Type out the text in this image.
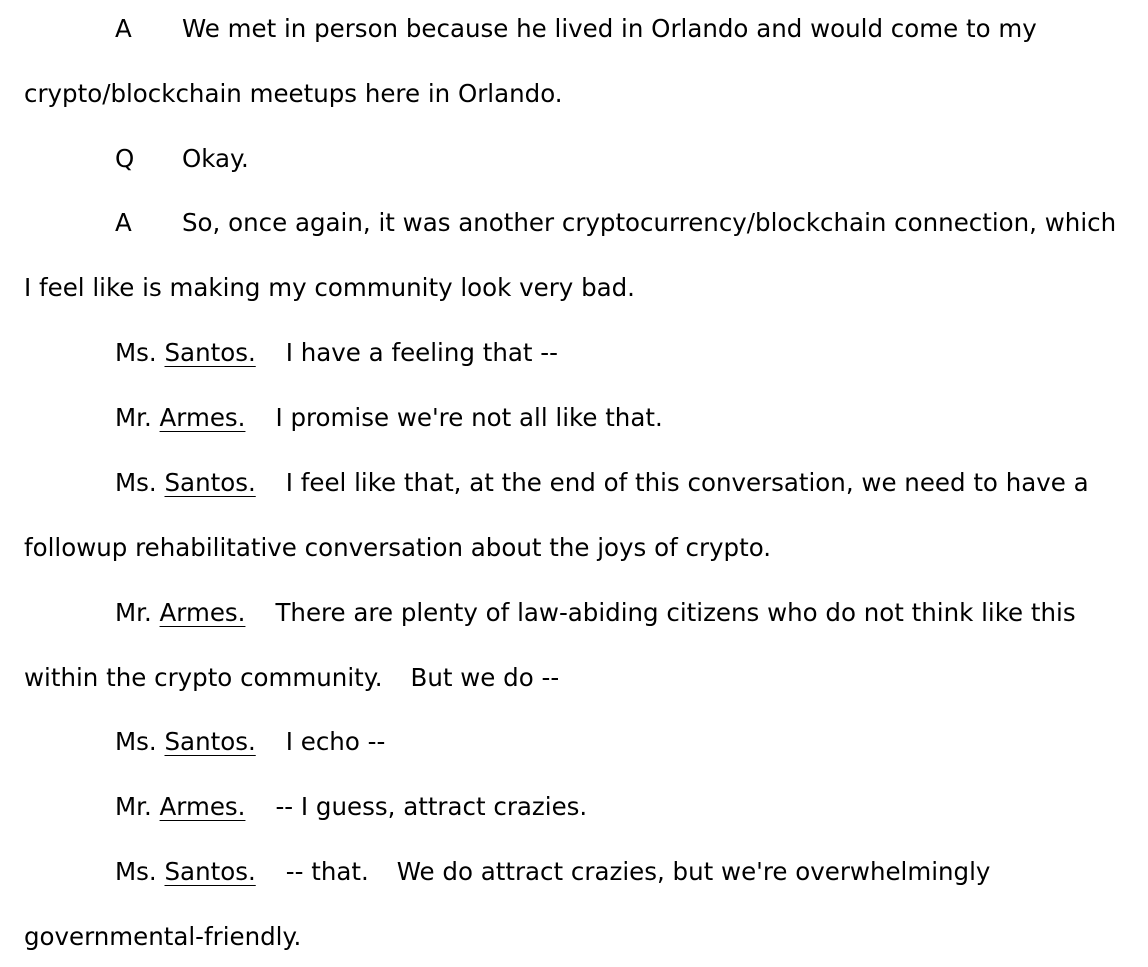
A We met in person because he lived in Orlando and would come to my
crypto/blockchain meetups here in Orlando.
Q Okay.
A So, once again, it was another cryptocurrency/blockchain connection, which
I feel like is making my community look very bad.
Ms. Santos. I have a feeling that --
Mr. Armes. I promise we're not all like that.
Ms. Santos. I feel like that, at the end of this conversation, we need to have a
followup rehabilitative conversation about the joys of crypto.
Mr. Armes. There are plenty of law-abiding citizens who do not think like this
within the crypto community. But we do --
Ms. Santos. I echo --
Mr. Armes. -- I guess, attract crazies.
Ms. Santos. -- that. We do attract crazies, but we're overwhelmingly
governmental-friendly.
